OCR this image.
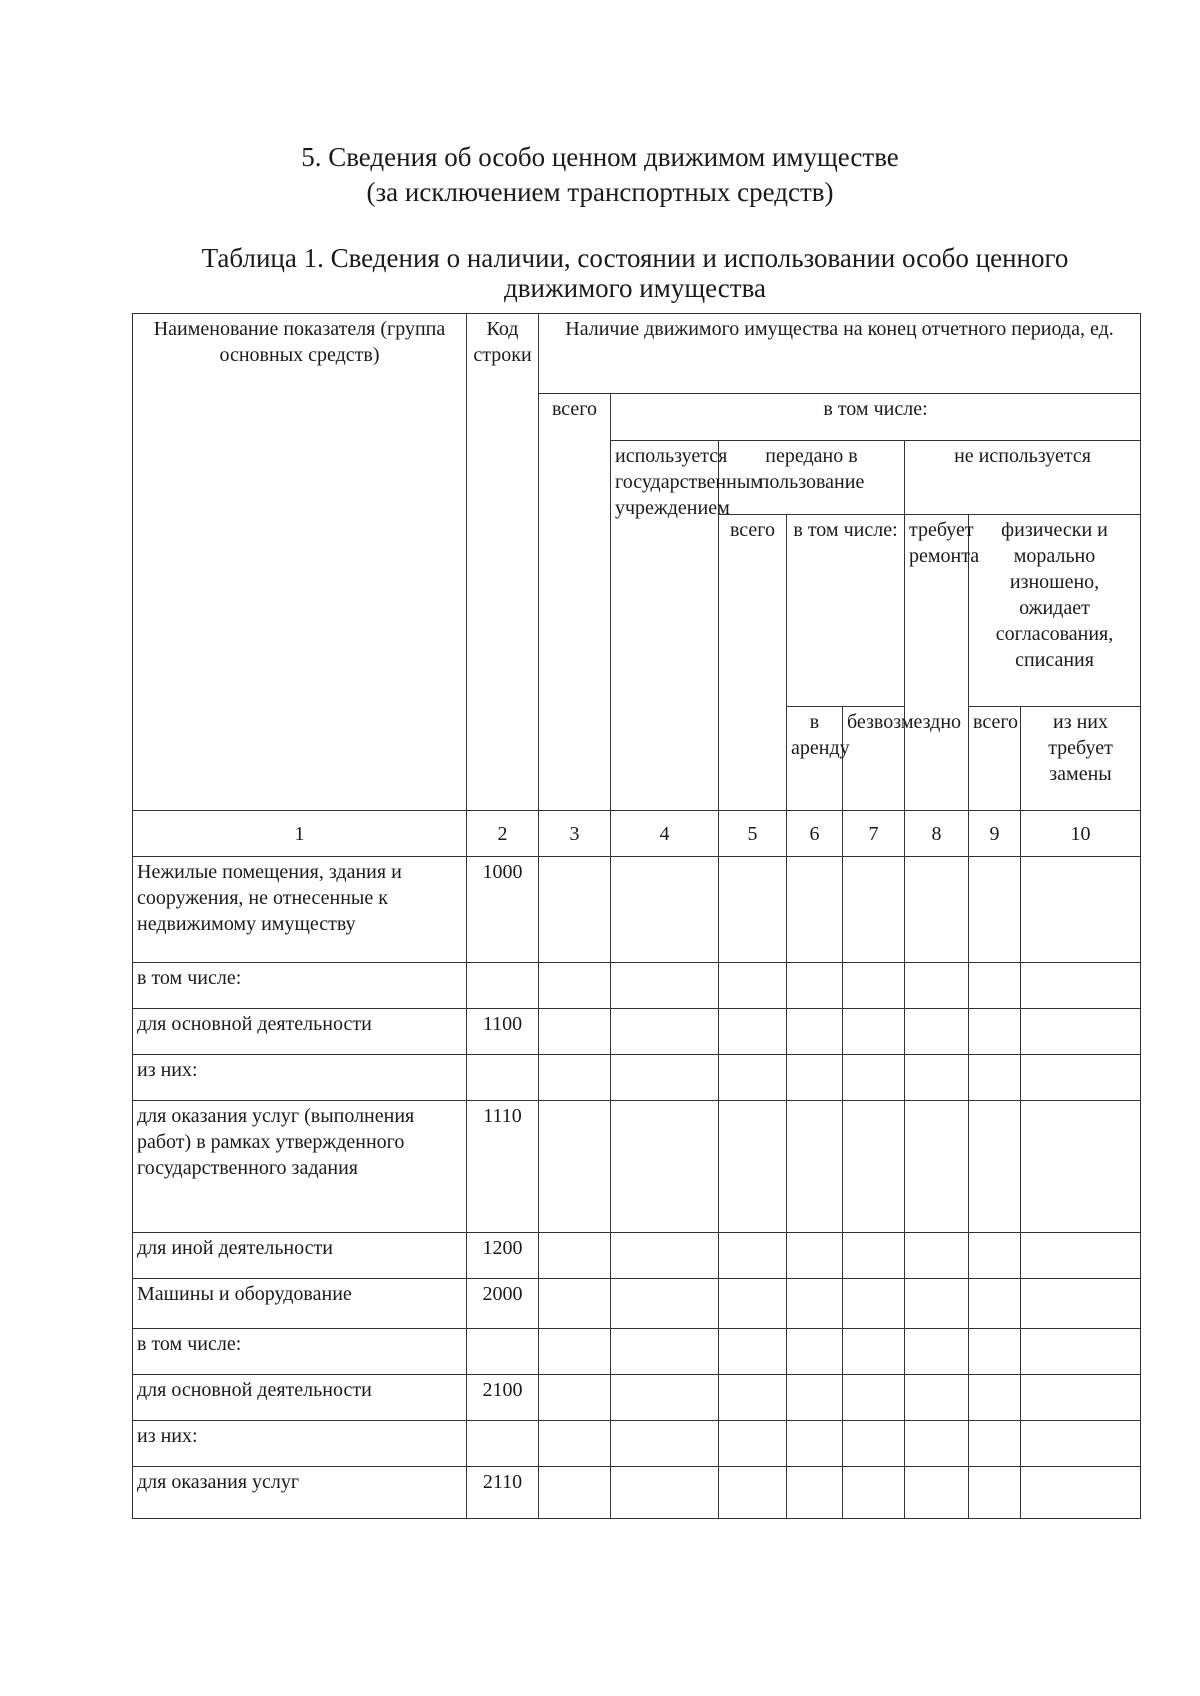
5. Сведения об особо ценном движимом имуществе
(за исключением транспортных средств)
Таблица 1. Сведения о наличии, состоянии и использовании особо ценного
движимого имущества
Наименование показателя (группа основных средств)	Код строки	Наличие движимого имущества на конец отчетного периода, ед.							
		всего	в том числе:						
			используется государственным учреждением	передано в пользование			не используется		
				всего	в том числе:		требует ремонта	физически и морально изношено, ожидает согласования, списания	
					в аренду	безвозмездно		всего	из них требует замены
1	2	3	4	5	6	7	8	9	10
Нежилые помещения, здания и сооружения, не отнесенные к недвижимому имуществу	1000								
в том числе:									
для основной деятельности	1100								
из них:									
для оказания услуг (выполнения работ) в рамках утвержденного государственного задания	1110								
для иной деятельности	1200								
Машины и оборудование	2000								
в том числе:									
для основной деятельности	2100								
из них:									
для оказания услуг	2110								
